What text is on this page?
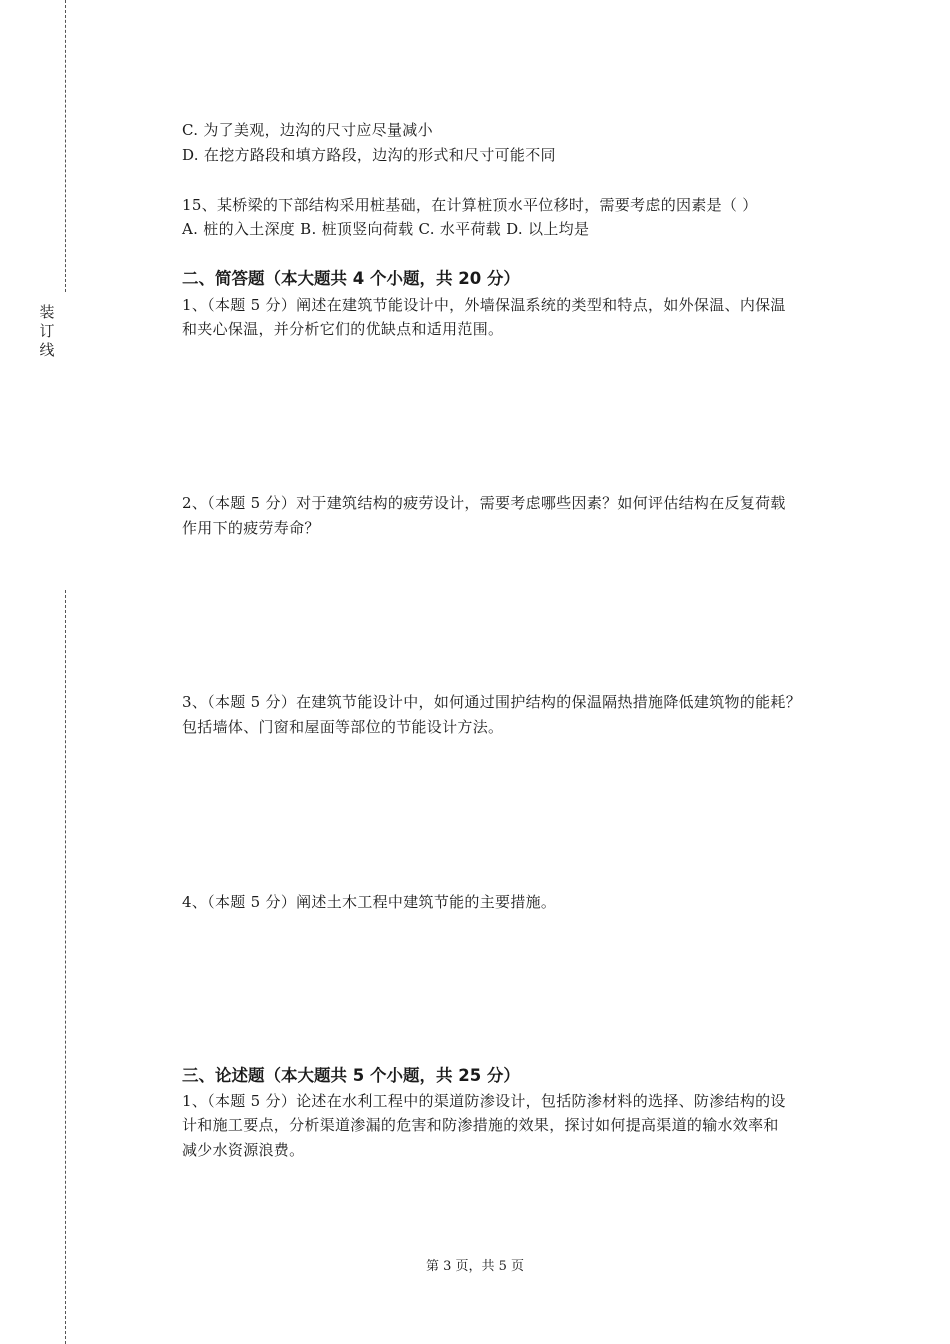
装
订
线
C. 为了美观，边沟的尺寸应尽量减小
D. 在挖方路段和填方路段，边沟的形式和尺寸可能不同
15、某桥梁的下部结构采用桩基础，在计算桩顶水平位移时，需要考虑的因素是（ ）
A. 桩的入土深度 B. 桩顶竖向荷载 C. 水平荷载 D. 以上均是
二、简答题（本大题共 4 个小题，共 20 分）
1、（本题 5 分）阐述在建筑节能设计中，外墙保温系统的类型和特点，如外保温、内保温
和夹心保温，并分析它们的优缺点和适用范围。
2、（本题 5 分）对于建筑结构的疲劳设计，需要考虑哪些因素？如何评估结构在反复荷载
作用下的疲劳寿命？
3、（本题 5 分）在建筑节能设计中，如何通过围护结构的保温隔热措施降低建筑物的能耗？
包括墙体、门窗和屋面等部位的节能设计方法。
4、（本题 5 分）阐述土木工程中建筑节能的主要措施。
三、论述题（本大题共 5 个小题，共 25 分）
1、（本题 5 分）论述在水利工程中的渠道防渗设计，包括防渗材料的选择、防渗结构的设
计和施工要点，分析渠道渗漏的危害和防渗措施的效果，探讨如何提高渠道的输水效率和
减少水资源浪费。
第 3 页，共 5 页
